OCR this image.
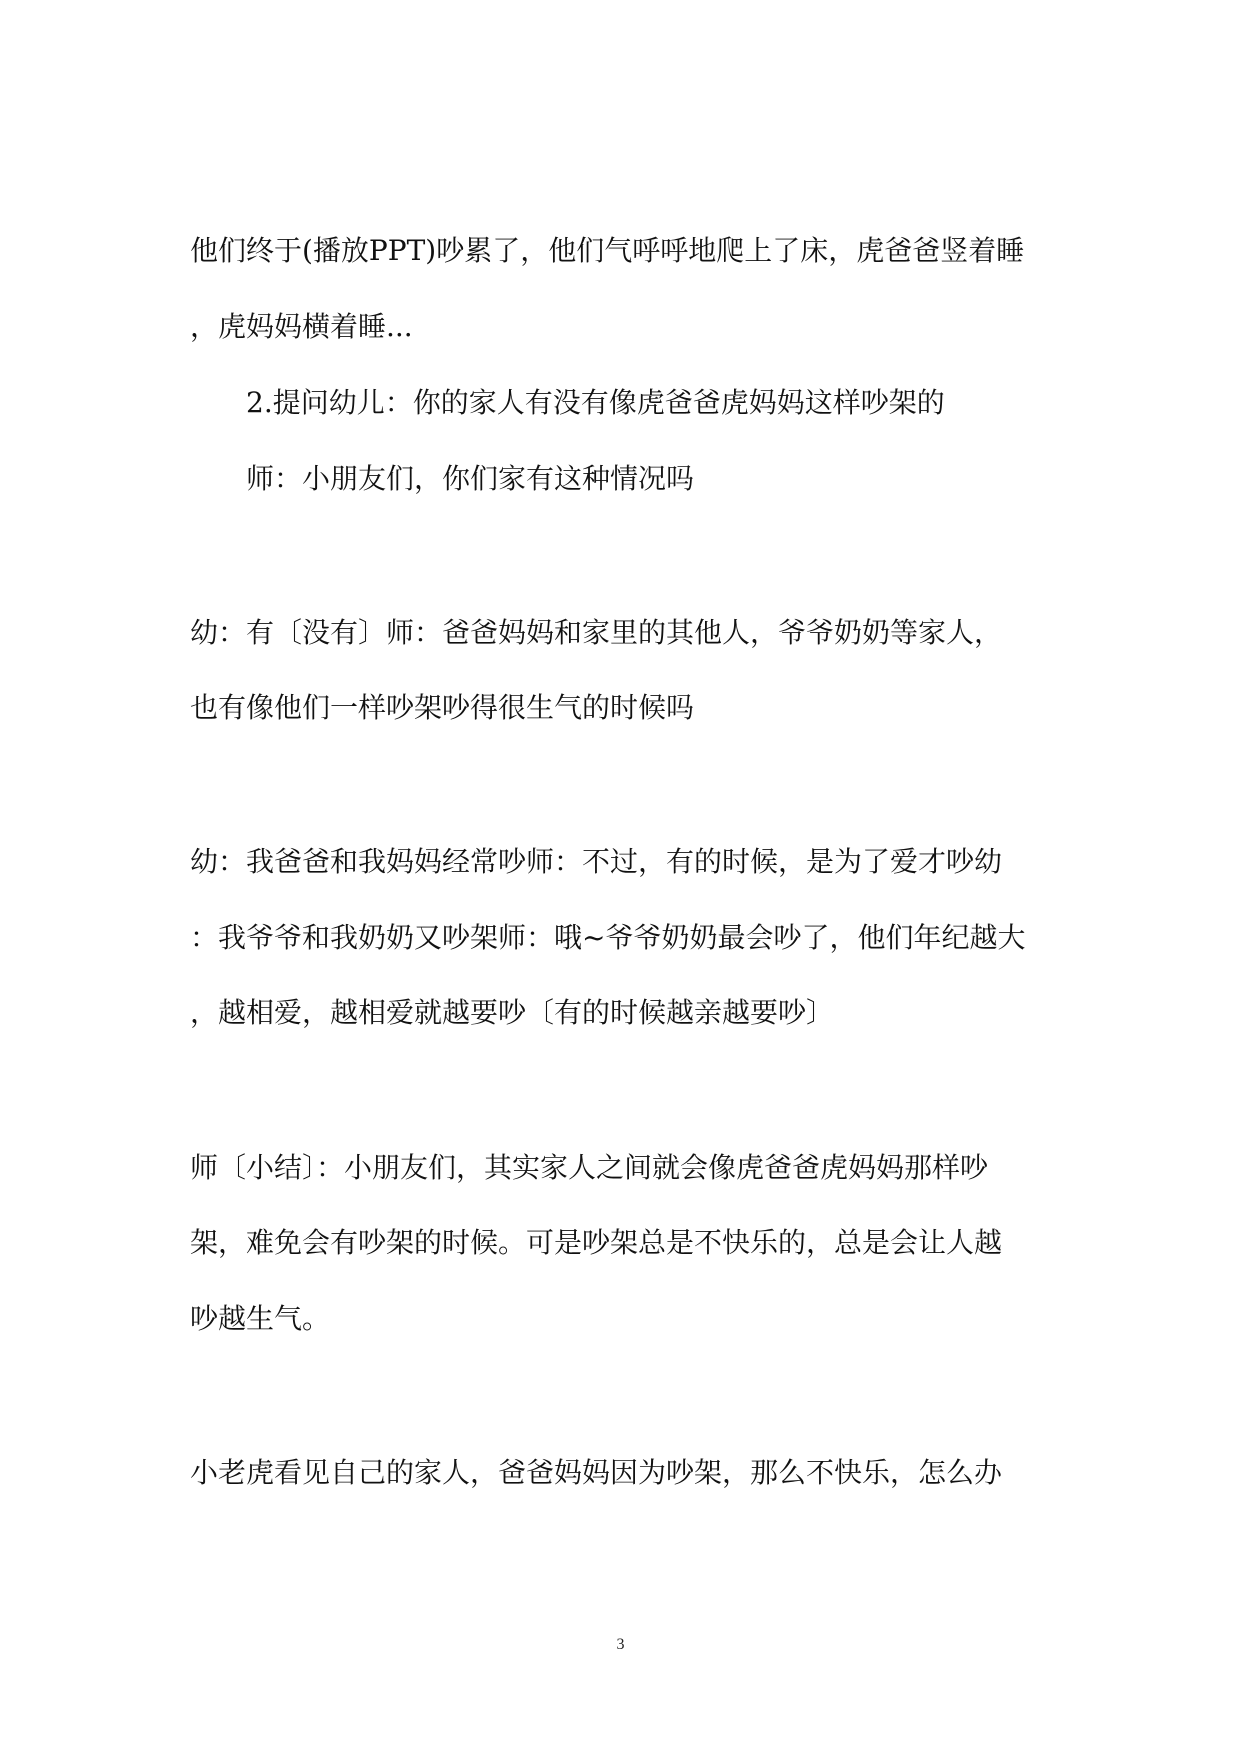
他们终于(播放PPT)吵累了，他们气呼呼地爬上了床，虎爸爸竖着睡
，虎妈妈横着睡...
2.提问幼儿：你的家人有没有像虎爸爸虎妈妈这样吵架的
师：小朋友们，你们家有这种情况吗
幼：有〔没有〕师：爸爸妈妈和家里的其他人，爷爷奶奶等家人，
也有像他们一样吵架吵得很生气的时候吗
幼：我爸爸和我妈妈经常吵师：不过，有的时候，是为了爱才吵幼
：我爷爷和我奶奶又吵架师：哦~爷爷奶奶最会吵了，他们年纪越大
，越相爱，越相爱就越要吵〔有的时候越亲越要吵〕
师〔小结〕：小朋友们，其实家人之间就会像虎爸爸虎妈妈那样吵
架，难免会有吵架的时候。可是吵架总是不快乐的，总是会让人越
吵越生气。
小老虎看见自己的家人，爸爸妈妈因为吵架，那么不快乐，怎么办
3
